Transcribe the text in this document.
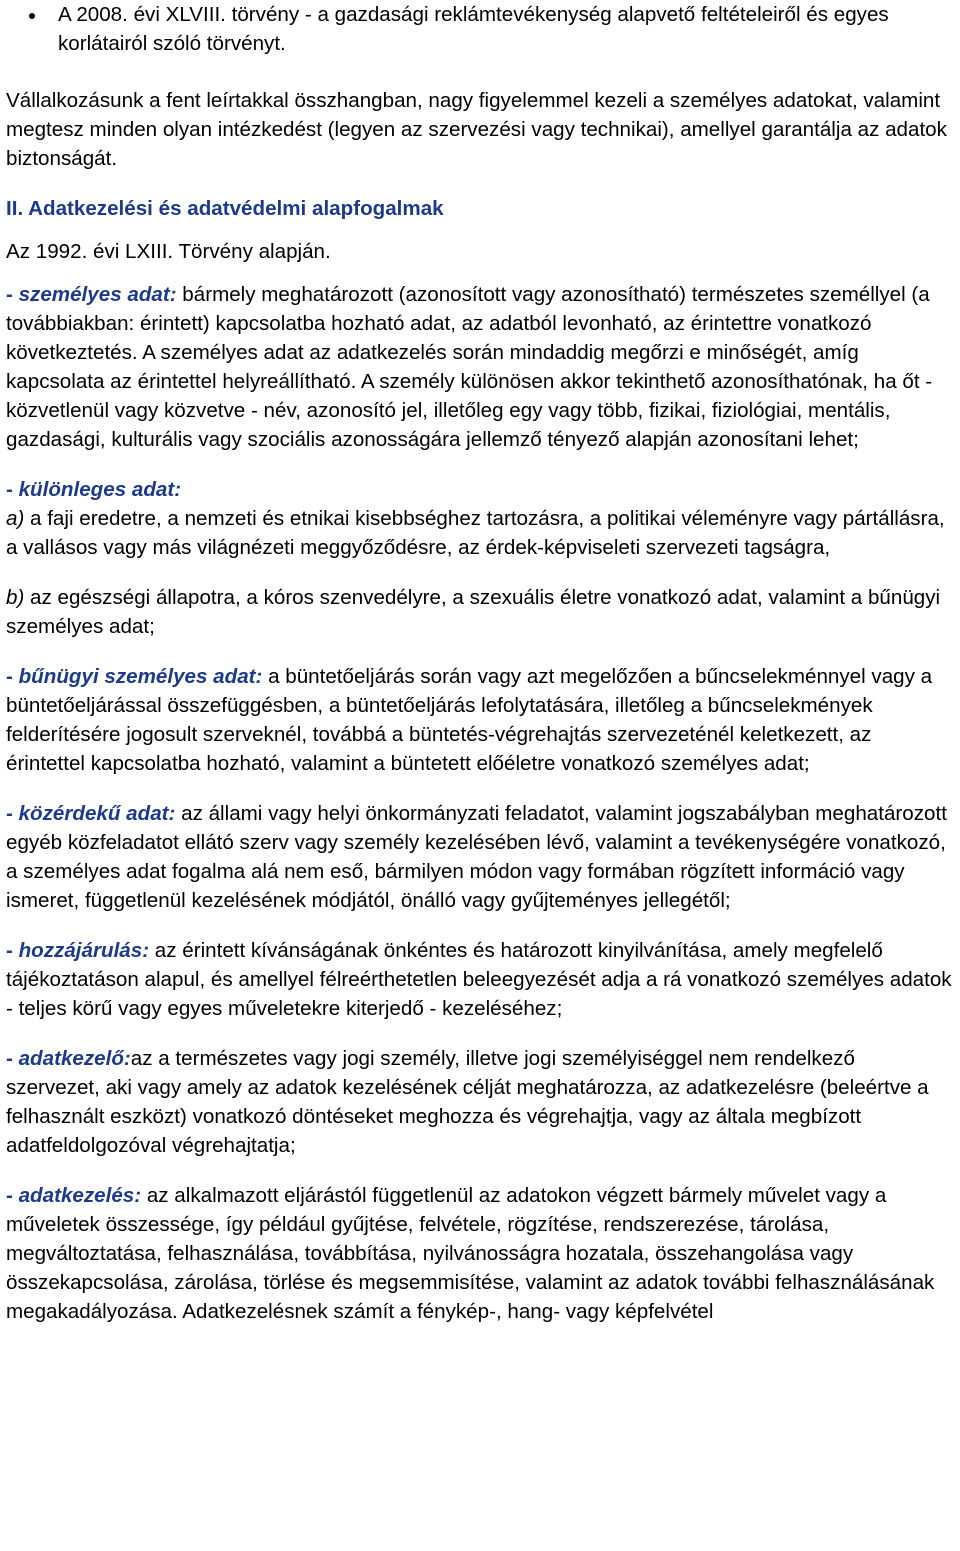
A 2008. évi XLVIII. törvény - a gazdasági reklámtevékenység alapvető feltételeiről és egyes korlátairól szóló törvényt.

Vállalkozásunk a fent leírtakkal összhangban, nagy figyelemmel kezeli a személyes adatokat, valamint megtesz minden olyan intézkedést (legyen az szervezési vagy technikai), amellyel garantálja az adatok biztonságát.

II. Adatkezelési és adatvédelmi alapfogalmak

Az 1992. évi LXIII. Törvény alapján.

- személyes adat: bármely meghatározott (azonosított vagy azonosítható) természetes személlyel (a továbbiakban: érintett) kapcsolatba hozható adat, az adatból levonható, az érintettre vonatkozó következtetés. A személyes adat az adatkezelés során mindaddig megőrzi e minőségét, amíg kapcsolata az érintettel helyreállítható. A személy különösen akkor tekinthető azonosíthatónak, ha őt - közvetlenül vagy közvetve - név, azonosító jel, illetőleg egy vagy több, fizikai, fiziológiai, mentális, gazdasági, kulturális vagy szociális azonosságára jellemző tényező alapján azonosítani lehet;

- különleges adat:

a) a faji eredetre, a nemzeti és etnikai kisebbséghez tartozásra, a politikai véleményre vagy pártállásra, a vallásos vagy más világnézeti meggyőződésre, az érdek-képviseleti szervezeti tagságra,

b) az egészségi állapotra, a kóros szenvedélyre, a szexuális életre vonatkozó adat, valamint a bűnügyi személyes adat;

- bűnügyi személyes adat: a büntetőeljárás során vagy azt megelőzően a bűncselekménnyel vagy a büntetőeljárással összefüggésben, a büntetőeljárás lefolytatására, illetőleg a bűncselekmények felderítésére jogosult szerveknél, továbbá a büntetés-végrehajtás szervezeténél keletkezett, az érintettel kapcsolatba hozható, valamint a büntetett előéletre vonatkozó személyes adat;

- közérdekű adat: az állami vagy helyi önkormányzati feladatot, valamint jogszabályban meghatározott egyéb közfeladatot ellátó szerv vagy személy kezelésében lévő, valamint a tevékenységére vonatkozó, a személyes adat fogalma alá nem eső, bármilyen módon vagy formában rögzített információ vagy ismeret, függetlenül kezelésének módjától, önálló vagy gyűjteményes jellegétől;

- hozzájárulás: az érintett kívánságának önkéntes és határozott kinyilvánítása, amely megfelelő tájékoztatáson alapul, és amellyel félreérthetetlen beleegyezését adja a rá vonatkozó személyes adatok - teljes körű vagy egyes műveletekre kiterjedő - kezeléséhez;

- adatkezelő:az a természetes vagy jogi személy, illetve jogi személyiséggel nem rendelkező szervezet, aki vagy amely az adatok kezelésének célját meghatározza, az adatkezelésre (beleértve a felhasznált eszközt) vonatkozó döntéseket meghozza és végrehajtja, vagy az általa megbízott adatfeldolgozóval végrehajtatja;

- adatkezelés: az alkalmazott eljárástól függetlenül az adatokon végzett bármely művelet vagy a műveletek összessége, így például gyűjtése, felvétele, rögzítése, rendszerezése, tárolása, megváltoztatása, felhasználása, továbbítása, nyilvánosságra hozatala, összehangolása vagy összekapcsolása, zárolása, törlése és megsemmisítése, valamint az adatok további felhasználásának megakadályozása. Adatkezelésnek számít a fénykép-, hang- vagy képfelvétel
